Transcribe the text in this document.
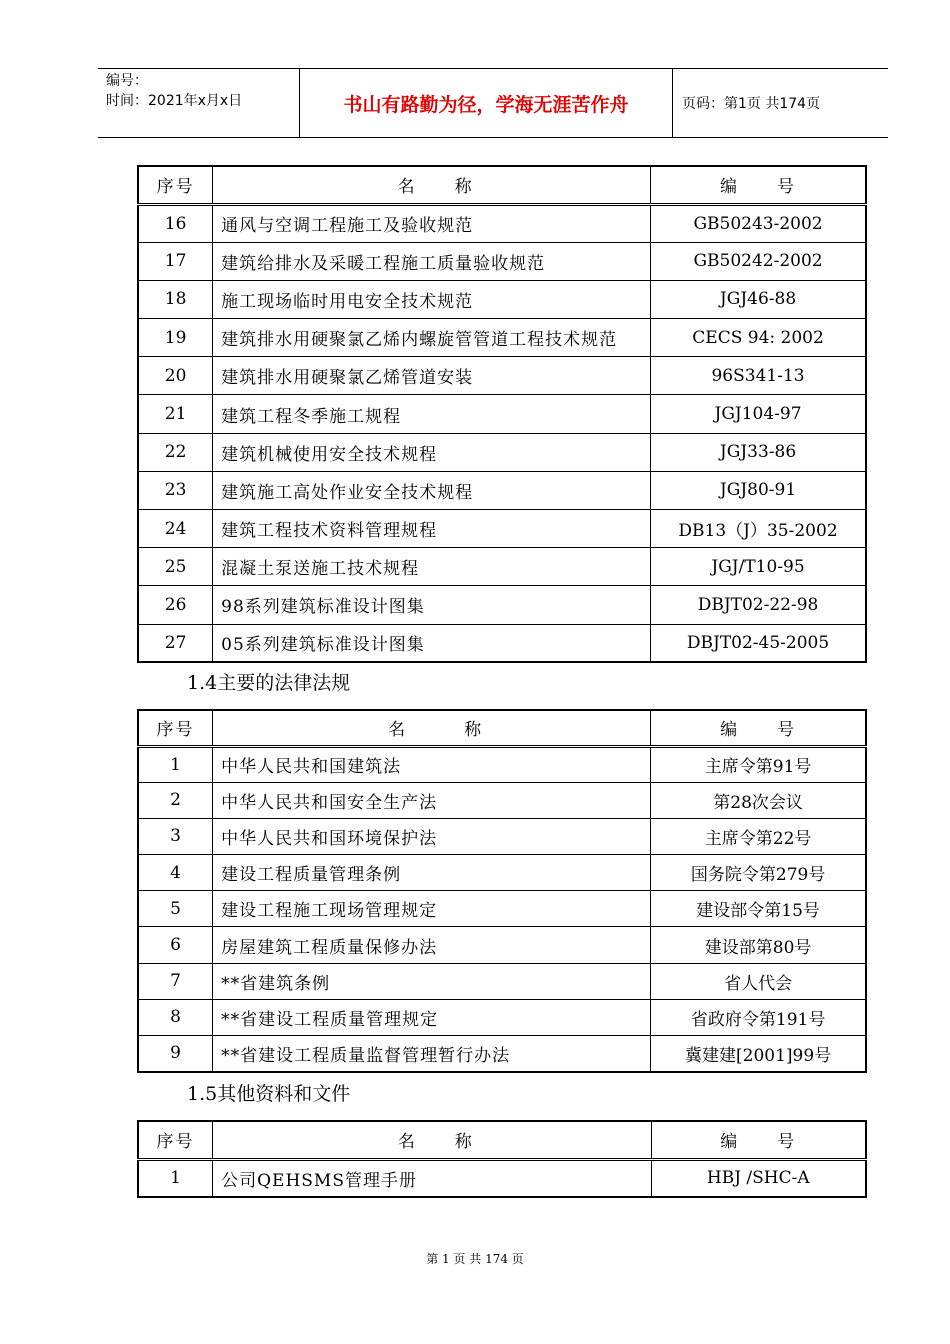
编号：
时间：2021年x月x日	书山有路勤为径，学海无涯苦作舟	页码：第1页 共174页
序号	名　　称	编　　号
16	通风与空调工程施工及验收规范	GB50243-2002
17	建筑给排水及采暖工程施工质量验收规范	GB50242-2002
18	施工现场临时用电安全技术规范	JGJ46-88
19	建筑排水用硬聚氯乙烯内螺旋管管道工程技术规范	CECS 94: 2002
20	建筑排水用硬聚氯乙烯管道安装	96S341-13
21	建筑工程冬季施工规程	JGJ104-97
22	建筑机械使用安全技术规程	JGJ33-86
23	建筑施工高处作业安全技术规程	JGJ80-91
24	建筑工程技术资料管理规程	DB13（J）35-2002
25	混凝土泵送施工技术规程	JGJ/T10-95
26	98系列建筑标准设计图集	DBJT02-22-98
27	05系列建筑标准设计图集	DBJT02-45-2005
1.4主要的法律法规
序号	名　　　称	编　　号
1	中华人民共和国建筑法	主席令第91号
2	中华人民共和国安全生产法	第28次会议
3	中华人民共和国环境保护法	主席令第22号
4	建设工程质量管理条例	国务院令第279号
5	建设工程施工现场管理规定	建设部令第15号
6	房屋建筑工程质量保修办法	建设部第80号
7	**省建筑条例	省人代会
8	**省建设工程质量管理规定	省政府令第191号
9	**省建设工程质量监督管理暂行办法	冀建建[2001]99号
1.5其他资料和文件
序号	名　　称	编　　号
1	公司QEHSMS管理手册	HBJ /SHC-A
第 1 页 共 174 页
